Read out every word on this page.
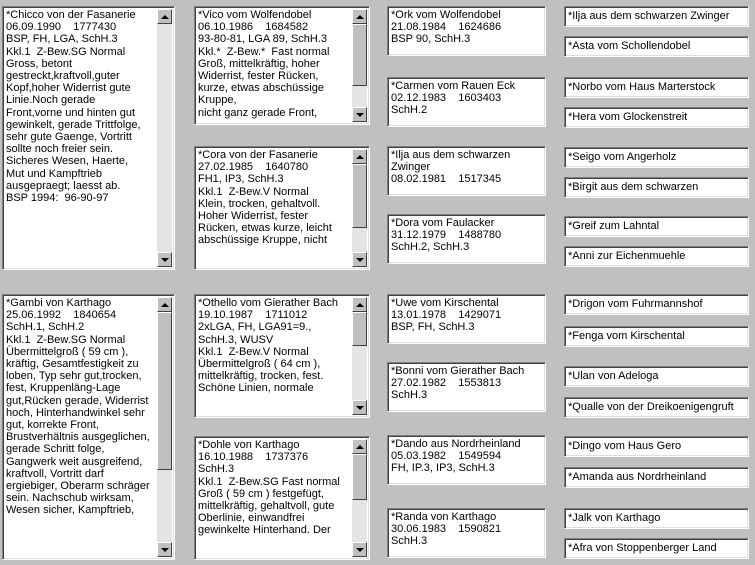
*Chicco von der Fasanerie
06.09.1990    1777430
BSP, FH, LGA, SchH.3
Kkl.1  Z-Bew.SG Normal
Gross, betont
gestreckt,kraftvoll,guter
Kopf,hoher Widerrist gute
Linie.Noch gerade
Front,vorne und hinten gut
gewinkelt, gerade Trittfolge,
sehr gute Gaenge, Vortritt
sollte noch freier sein.
Sicheres Wesen, Haerte,
Mut und Kampftrieb
ausgepraegt; laesst ab.
BSP 1994:  96-90-97
*Gambi von Karthago
25.06.1992    1840654
SchH.1, SchH.2
Kkl.1  Z-Bew.SG Normal
Übermittelgroß ( 59 cm ),
kräftig, Gesamtfestigkeit zu
loben, Typ sehr gut,trocken,
fest, Kruppenläng-Lage
gut,Rücken gerade, Widerrist
hoch, Hinterhandwinkel sehr
gut, korrekte Front,
Brustverhältnis ausgeglichen,
gerade Schritt folge,
Gangwerk weit ausgreifend,
kraftvoll, Vortritt darf
ergiebiger, Oberarm schräger
sein. Nachschub wirksam,
Wesen sicher, Kampftrieb,
*Vico vom Wolfendobel
06.10.1986    1684582
93-80-81, LGA 89, SchH.3
Kkl.*  Z-Bew.*  Fast normal
Groß, mittelkräftig, hoher
Widerrist, fester Rücken,
kurze, etwas abschüssige Kruppe,
nicht ganz gerade Front,
*Cora von der Fasanerie
27.02.1985    1640780
FH1, IP3, SchH.3
Kkl.1  Z-Bew.V Normal
Klein, trocken, gehaltvoll.
Hoher Widerrist, fester
Rücken, etwas kurze, leicht
abschüssige Kruppe, nicht
*Othello vom Gierather Bach
19.10.1987    1711012
2xLGA, FH, LGA91=9.,
SchH.3, WUSV
Kkl.1  Z-Bew.V Normal
Übermittelgroß ( 64 cm ),
mittelkräftig, trocken, fest.
Schöne Linien, normale
*Dohle von Karthago
16.10.1988    1737376
SchH.3
Kkl.1  Z-Bew.SG Fast normal
Groß ( 59 cm ) festgefügt,
mittelkräftig, gehaltvoll, gute
Oberlinie, einwandfrei
gewinkelte Hinterhand. Der
*Ork vom Wolfendobel
21.08.1984    1624686
BSP 90, SchH.3
*Carmen vom Rauen Eck
02.12.1983    1603403
SchH.2
*Ilja aus dem schwarzen
Zwinger
08.02.1981    1517345
*Dora vom Faulacker
31.12.1979    1488780
SchH.2, SchH.3
*Uwe vom Kirschental
13.01.1978    1429071
BSP, FH, SchH.3
*Bonni vom Gierather Bach
27.02.1982    1553813
SchH.3
*Dando aus Nordrheinland
05.03.1982    1549594
FH, IP.3, IP3, SchH.3
*Randa von Karthago
30.06.1983    1590821
SchH.3
*Ilja aus dem schwarzen Zwinger
*Asta vom Schollendobel
*Norbo vom Haus Marterstock
*Hera vom Glockenstreit
*Seigo vom Angerholz
*Birgit aus dem schwarzen
*Greif zum Lahntal
*Anni zur Eichenmuehle
*Drigon vom Fuhrmannshof
*Fenga vom Kirschental
*Ulan von Adeloga
*Qualle von der Dreikoenigengruft
*Dingo vom Haus Gero
*Amanda aus Nordrheinland
*Jalk von Karthago
*Afra von Stoppenberger Land
